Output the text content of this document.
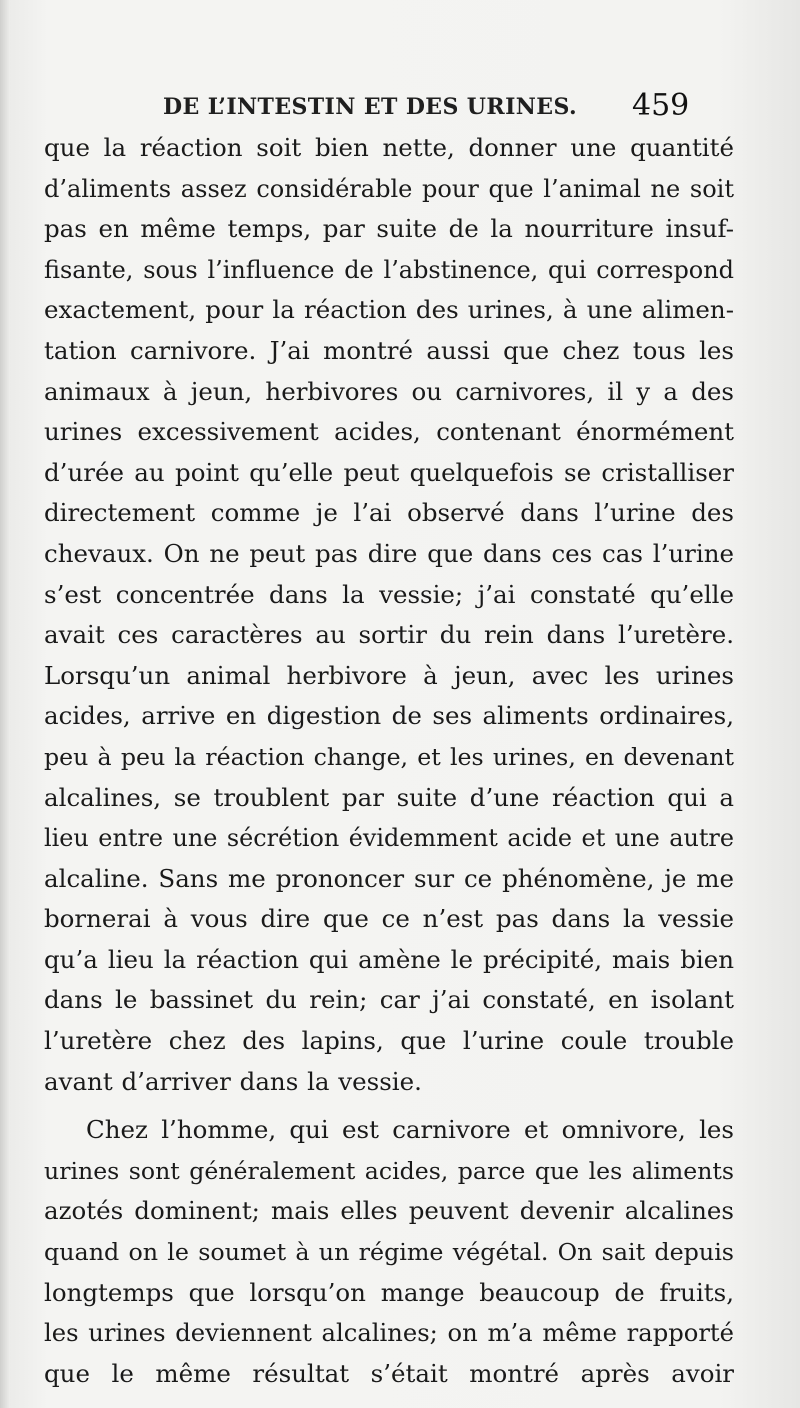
DE L’INTESTIN ET DES URINES. 459
que la réaction soit bien nette, donner une quantité
d’aliments assez considérable pour que l’animal ne soit
pas en même temps, par suite de la nourriture insuf-
fisante, sous l’influence de l’abstinence, qui correspond
exactement, pour la réaction des urines, à une alimen-
tation carnivore. J’ai montré aussi que chez tous les
animaux à jeun, herbivores ou carnivores, il y a des
urines excessivement acides, contenant énormément
d’urée au point qu’elle peut quelquefois se cristalliser
directement comme je l’ai observé dans l’urine des
chevaux. On ne peut pas dire que dans ces cas l’urine
s’est concentrée dans la vessie; j’ai constaté qu’elle
avait ces caractères au sortir du rein dans l’uretère.
Lorsqu’un animal herbivore à jeun, avec les urines
acides, arrive en digestion de ses aliments ordinaires,
peu à peu la réaction change, et les urines, en devenant
alcalines, se troublent par suite d’une réaction qui a
lieu entre une sécrétion évidemment acide et une autre
alcaline. Sans me prononcer sur ce phénomène, je me
bornerai à vous dire que ce n’est pas dans la vessie
qu’a lieu la réaction qui amène le précipité, mais bien
dans le bassinet du rein; car j’ai constaté, en isolant
l’uretère chez des lapins, que l’urine coule trouble
avant d’arriver dans la vessie.
Chez l’homme, qui est carnivore et omnivore, les
urines sont généralement acides, parce que les aliments
azotés dominent; mais elles peuvent devenir alcalines
quand on le soumet à un régime végétal. On sait depuis
longtemps que lorsqu’on mange beaucoup de fruits,
les urines deviennent alcalines; on m’a même rapporté
que le même résultat s’était montré après avoir
